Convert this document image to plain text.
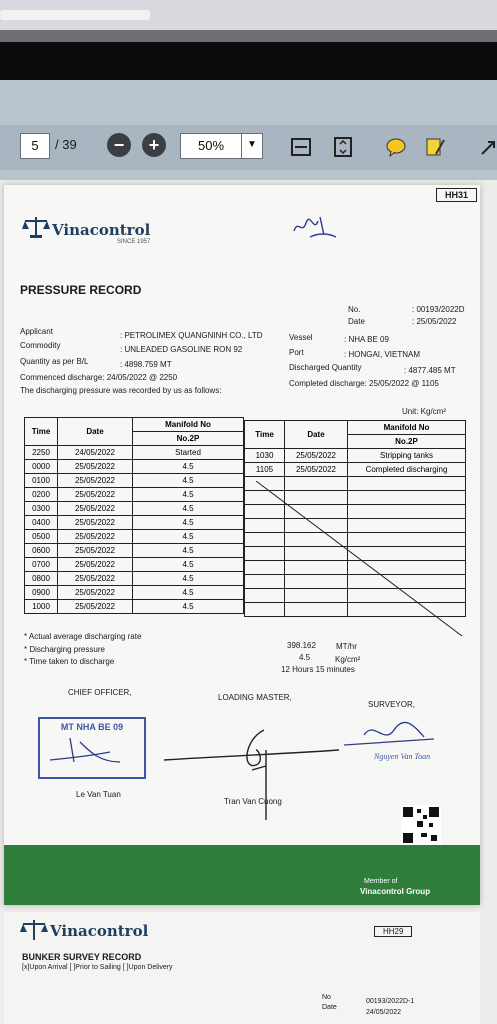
5	/ 39	−	+	50%	▼
HH31
Vinacontrol
SINCE 1957
PRESSURE RECORD
No.	: 00193/2022D
Date	: 25/05/2022
Applicant	: PETROLIMEX QUANGNINH CO., LTD	Vessel	: NHA BE 09
Commodity	: UNLEADED GASOLINE RON 92	Port	: HONGAI, VIETNAM
Quantity as per B/L	: 4898.759 MT	Discharged Quantity	: 4877.485 MT
Commenced discharge: 24/05/2022 @ 2250
Completed discharge: 25/05/2022 @ 1105
The discharging pressure was recorded by us as follows:
Unit: Kg/cm²
Time	Date	Manifold No
		No.2P
2250	24/05/2022	Started
0000	25/05/2022	4.5
0100	25/05/2022	4.5
0200	25/05/2022	4.5
0300	25/05/2022	4.5
0400	25/05/2022	4.5
0500	25/05/2022	4.5
0600	25/05/2022	4.5
0700	25/05/2022	4.5
0800	25/05/2022	4.5
0900	25/05/2022	4.5
1000	25/05/2022	4.5
Time	Date	Manifold No
		No.2P
1030	25/05/2022	Stripping tanks
1105	25/05/2022	Completed discharging

* Actual average discharging rate
398.162	MT/hr
* Discharging pressure
4.5	Kg/cm²
* Time taken to discharge
12 Hours 15 minutes
CHIEF OFFICER,
LOADING MASTER,
SURVEYOR,
MT NHA BE 09
Nguyen Van Toan
Le Van Tuan
Tran Van Cuong
Member of
Vinacontrol Group
Vinacontrol	HH29
BUNKER SURVEY RECORD
[x]Upon Arrival [ ]Prior to Sailing [ ]Upon Delivery
No
00193/2022D-1
Date
24/05/2022
